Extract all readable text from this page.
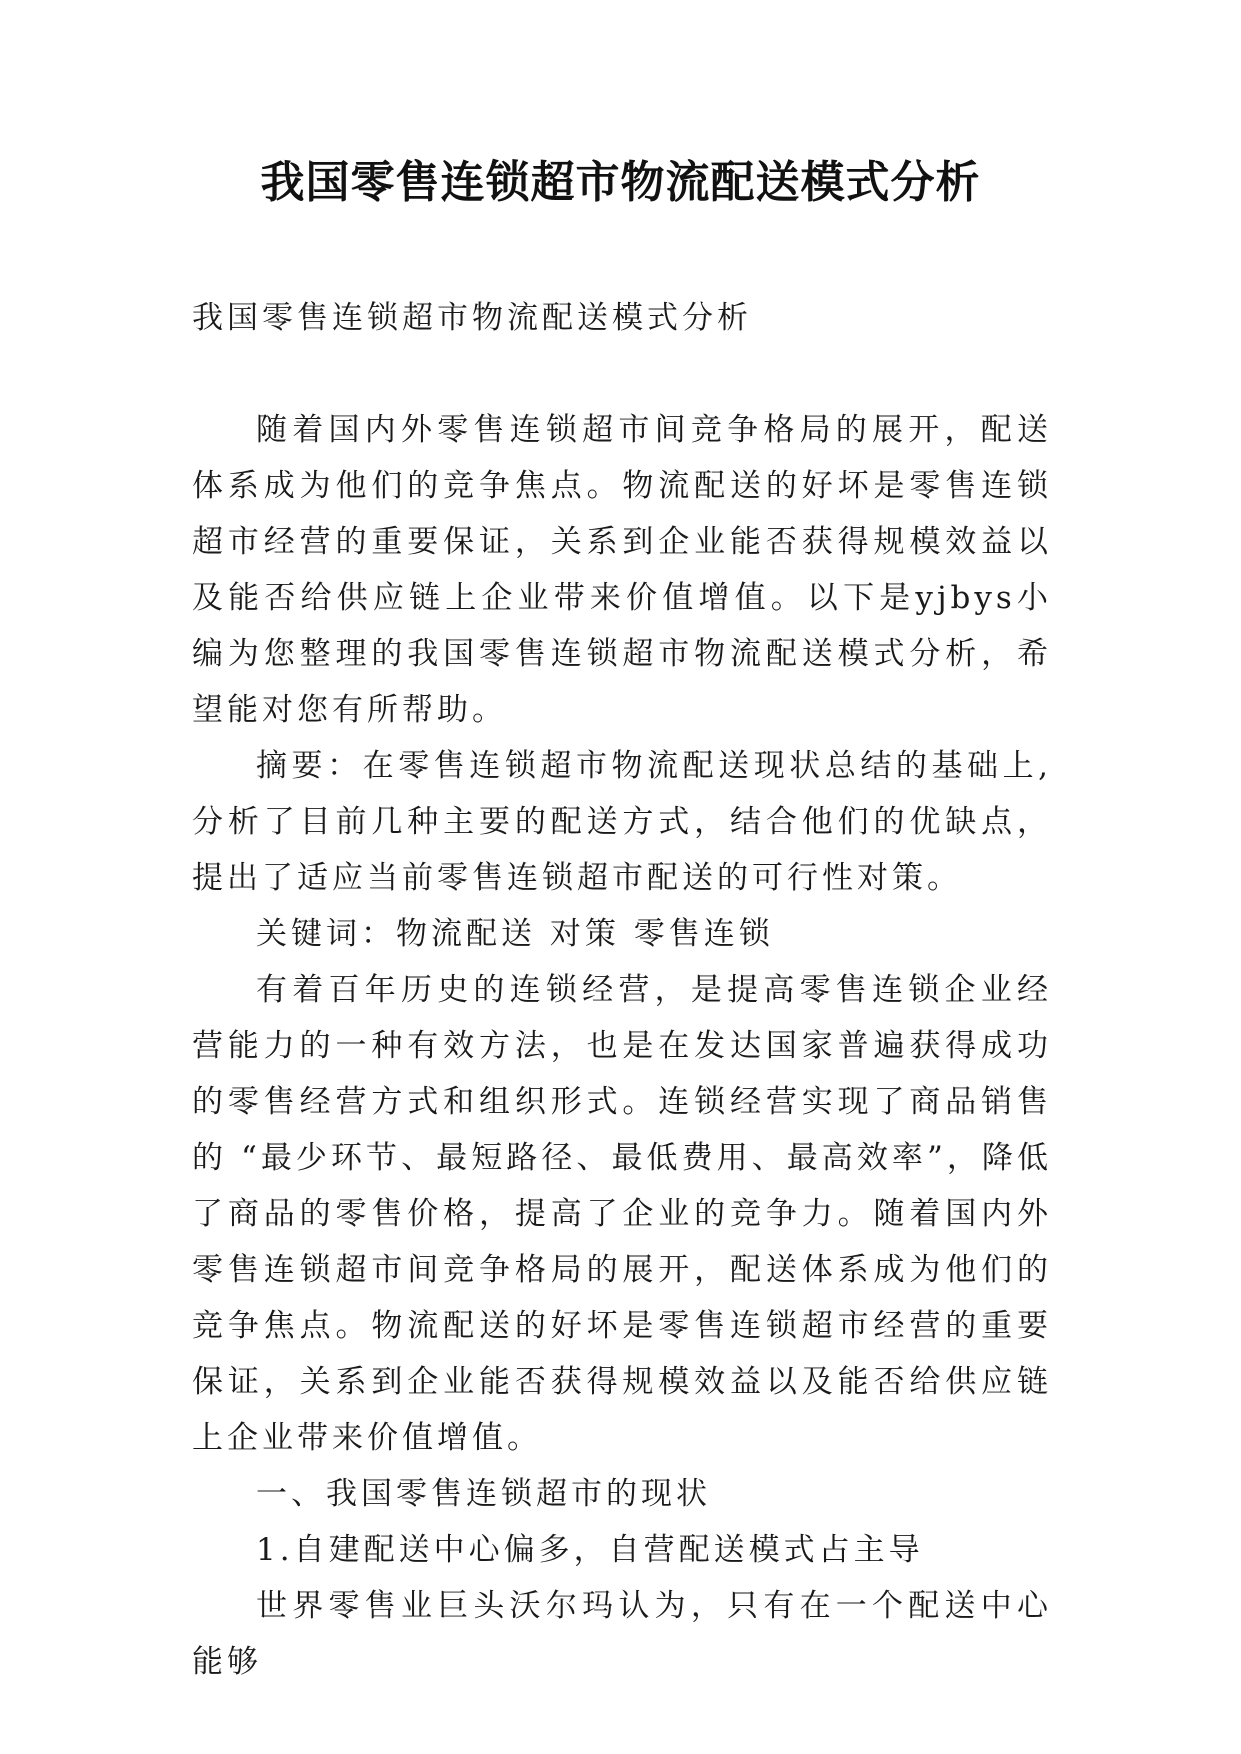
我国零售连锁超市物流配送模式分析

我国零售连锁超市物流配送模式分析

随着国内外零售连锁超市间竞争格局的展开，配送体系成为他们的竞争焦点。物流配送的好坏是零售连锁超市经营的重要保证，关系到企业能否获得规模效益以及能否给供应链上企业带来价值增值。以下是yjbys小编为您整理的我国零售连锁超市物流配送模式分析，希望能对您有所帮助。

摘要：在零售连锁超市物流配送现状总结的基础上,分析了目前几种主要的配送方式，结合他们的优缺点，提出了适应当前零售连锁超市配送的可行性对策。

关键词：物流配送 对策 零售连锁

有着百年历史的连锁经营，是提高零售连锁企业经营能力的一种有效方法，也是在发达国家普遍获得成功的零售经营方式和组织形式。连锁经营实现了商品销售的 “最少环节、最短路径、最低费用、最高效率”，降低了商品的零售价格，提高了企业的竞争力。随着国内外零售连锁超市间竞争格局的展开，配送体系成为他们的竞争焦点。物流配送的好坏是零售连锁超市经营的重要保证，关系到企业能否获得规模效益以及能否给供应链上企业带来价值增值。

一、我国零售连锁超市的现状

1.自建配送中心偏多，自营配送模式占主导

世界零售业巨头沃尔玛认为，只有在一个配送中心能够
